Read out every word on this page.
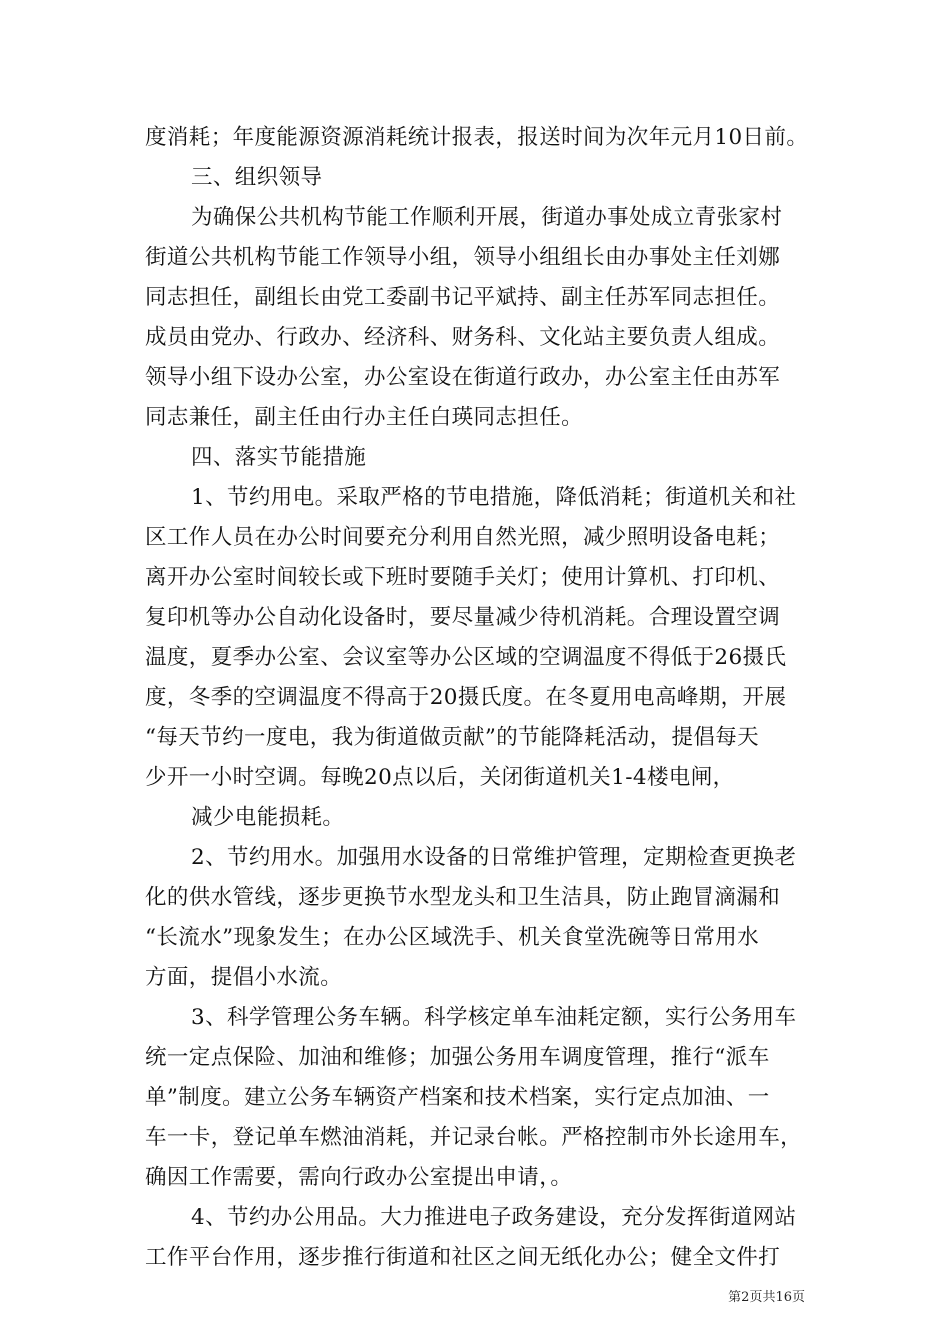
度消耗；年度能源资源消耗统计报表，报送时间为次年元月10日前。
三、组织领导
为确保公共机构节能工作顺利开展，街道办事处成立青张家村
街道公共机构节能工作领导小组，领导小组组长由办事处主任刘娜
同志担任，副组长由党工委副书记平斌持、副主任苏军同志担任。
成员由党办、行政办、经济科、财务科、文化站主要负责人组成。
领导小组下设办公室，办公室设在街道行政办，办公室主任由苏军
同志兼任，副主任由行办主任白瑛同志担任。
四、落实节能措施
1、节约用电。采取严格的节电措施，降低消耗；街道机关和社
区工作人员在办公时间要充分利用自然光照，减少照明设备电耗；
离开办公室时间较长或下班时要随手关灯；使用计算机、打印机、
复印机等办公自动化设备时，要尽量减少待机消耗。合理设置空调
温度，夏季办公室、会议室等办公区域的空调温度不得低于26摄氏
度，冬季的空调温度不得高于20摄氏度。在冬夏用电高峰期，开展
“每天节约一度电，我为街道做贡献”的节能降耗活动，提倡每天
少开一小时空调。每晚20点以后，关闭街道机关1-4楼电闸，
减少电能损耗。
2、节约用水。加强用水设备的日常维护管理，定期检查更换老
化的供水管线，逐步更换节水型龙头和卫生洁具，防止跑冒滴漏和
“长流水”现象发生；在办公区域洗手、机关食堂洗碗等日常用水
方面，提倡小水流。
3、科学管理公务车辆。科学核定单车油耗定额，实行公务用车
统一定点保险、加油和维修；加强公务用车调度管理，推行“派车
单”制度。建立公务车辆资产档案和技术档案，实行定点加油、一
车一卡，登记单车燃油消耗，并记录台帐。严格控制市外长途用车，
确因工作需要，需向行政办公室提出申请，。
4、节约办公用品。大力推进电子政务建设，充分发挥街道网站
工作平台作用，逐步推行街道和社区之间无纸化办公；健全文件打
第2页共16页
